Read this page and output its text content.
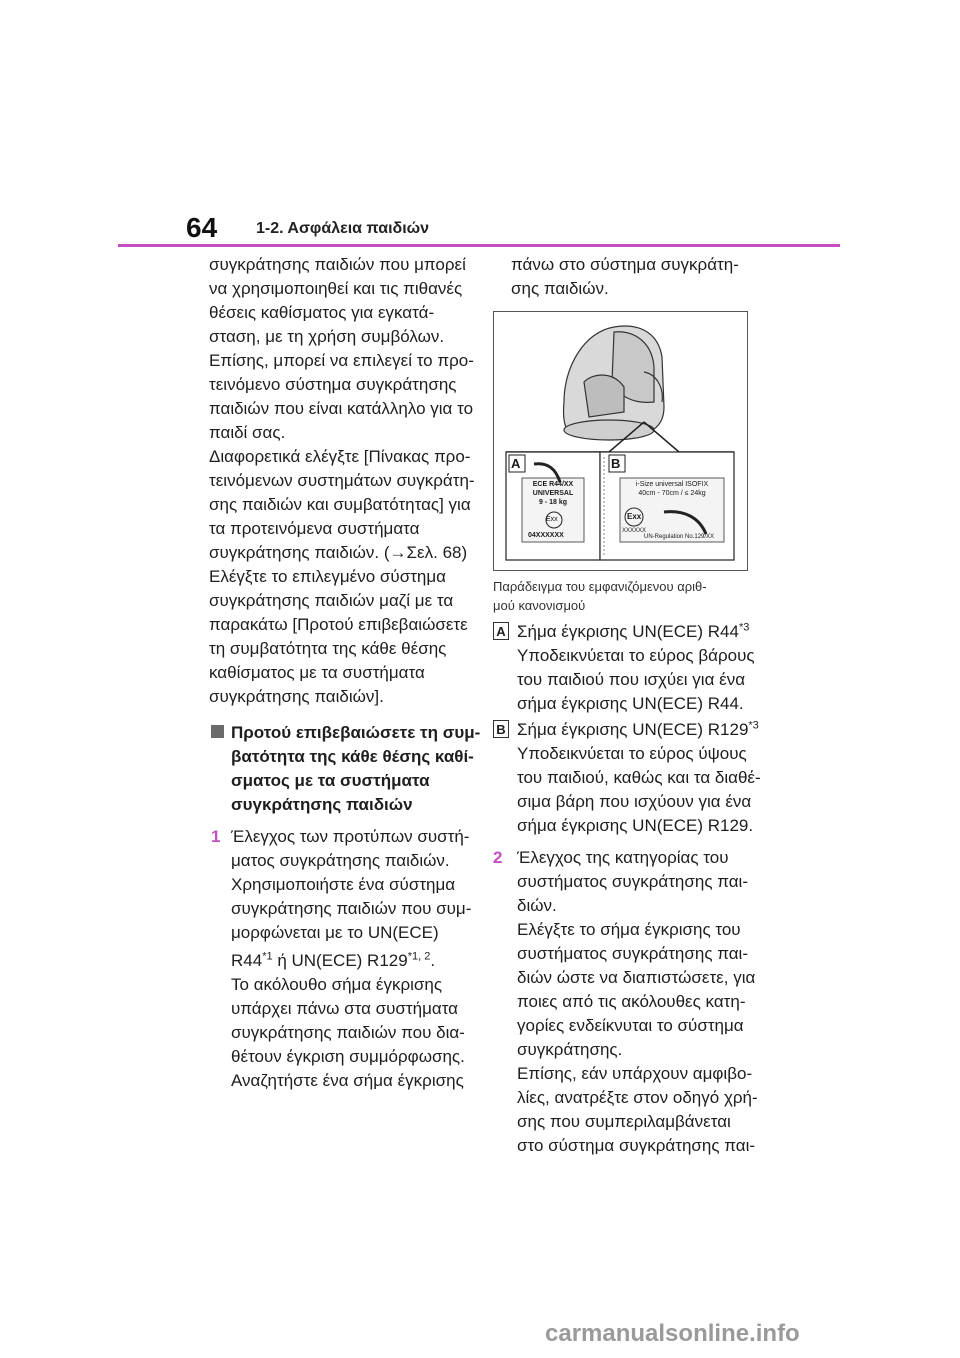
64 1-2. Ασφάλεια παιδιών
συγκράτησης παιδιών που μπορεί
να χρησιμοποιηθεί και τις πιθανές
θέσεις καθίσματος για εγκατά-
σταση, με τη χρήση συμβόλων.
Επίσης, μπορεί να επιλεγεί το προ-
τεινόμενο σύστημα συγκράτησης
παιδιών που είναι κατάλληλο για το
παιδί σας.
Διαφορετικά ελέγξτε [Πίνακας προ-
τεινόμενων συστημάτων συγκράτη-
σης παιδιών και συμβατότητας] για
τα προτεινόμενα συστήματα
συγκράτησης παιδιών. (→Σελ. 68)
Ελέγξτε το επιλεγμένο σύστημα
συγκράτησης παιδιών μαζί με τα
παρακάτω [Προτού επιβεβαιώσετε
τη συμβατότητα της κάθε θέσης
καθίσματος με τα συστήματα
συγκράτησης παιδιών].
Προτού επιβεβαιώσετε τη συμ-
βατότητα της κάθε θέσης καθί-
σματος με τα συστήματα
συγκράτησης παιδιών
1 Έλεγχος των προτύπων συστή-
ματος συγκράτησης παιδιών.
Χρησιμοποιήστε ένα σύστημα
συγκράτησης παιδιών που συμ-
μορφώνεται με το UN(ECE)
R44$^{*1}$ ή UN(ECE) R129$^{*1, 2}$.
Το ακόλουθο σήμα έγκρισης
υπάρχει πάνω στα συστήματα
συγκράτησης παιδιών που δια-
θέτουν έγκριση συμμόρφωσης.
Αναζητήστε ένα σήμα έγκρισης
πάνω στο σύστημα συγκράτη-
σης παιδιών.
A	B
ECE R44/XX
UNIVERSAL
9 - 18 kg
Exx
04XXXXXX
i-Size universal ISOFIX
40cm - 70cm / ≤ 24kg
Exx
XXXXXX
UN-Regulation No.129/XX
Παράδειγμα του εμφανιζόμενου αριθ-
μού κανονισμού
A Σήμα έγκρισης UN(ECE) R44$^{*3}$
Υποδεικνύεται το εύρος βάρους
του παιδιού που ισχύει για ένα
σήμα έγκρισης UN(ECE) R44.
B Σήμα έγκρισης UN(ECE) R129$^{*3}$
Υποδεικνύεται το εύρος ύψους
του παιδιού, καθώς και τα διαθέ-
σιμα βάρη που ισχύουν για ένα
σήμα έγκρισης UN(ECE) R129.
2 Έλεγχος της κατηγορίας του
συστήματος συγκράτησης παι-
διών.
Ελέγξτε το σήμα έγκρισης του
συστήματος συγκράτησης παι-
διών ώστε να διαπιστώσετε, για
ποιες από τις ακόλουθες κατη-
γορίες ενδείκνυται το σύστημα
συγκράτησης.
Επίσης, εάν υπάρχουν αμφιβο-
λίες, ανατρέξτε στον οδηγό χρή-
σης που συμπεριλαμβάνεται
στο σύστημα συγκράτησης παι-
carmanualsonline.info
